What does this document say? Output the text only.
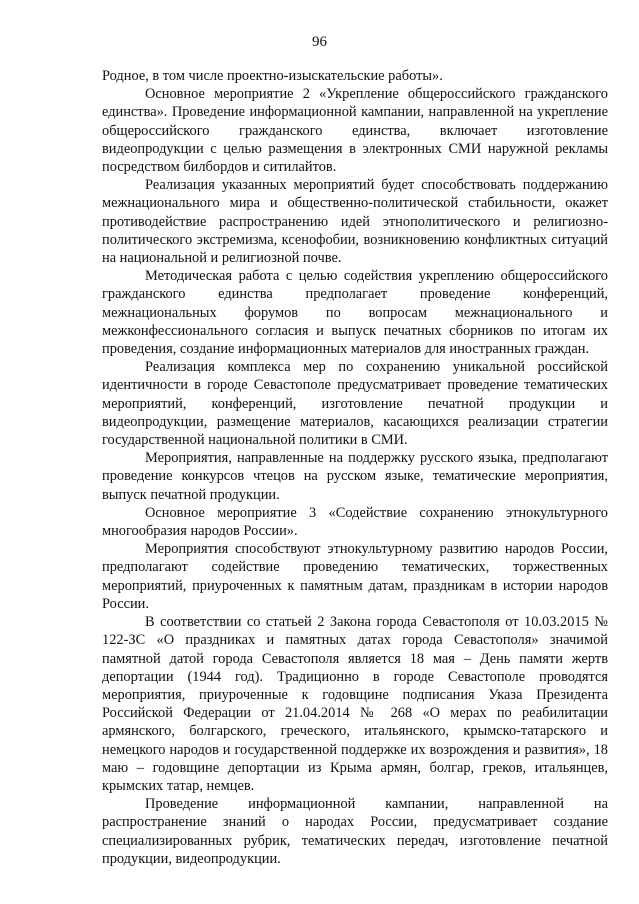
96

Родное, в том числе проектно-изыскательские работы».

Основное мероприятие 2 «Укрепление общероссийского гражданского единства». Проведение информационной кампании, направленной на укрепление общероссийского гражданского единства, включает изготовление видеопродукции с целью размещения в электронных СМИ наружной рекламы посредством билбордов и ситилайтов.

Реализация указанных мероприятий будет способствовать поддержанию межнационального мира и общественно-политической стабильности, окажет противодействие распространению идей этнополитического и религиозно-политического экстремизма, ксенофобии, возникновению конфликтных ситуаций на национальной и религиозной почве.

Методическая работа с целью содействия укреплению общероссийского гражданского единства предполагает проведение конференций, межнациональных форумов по вопросам межнационального и межконфессионального согласия и выпуск печатных сборников по итогам их проведения, создание информационных материалов для иностранных граждан.

Реализация комплекса мер по сохранению уникальной российской идентичности в городе Севастополе предусматривает проведение тематических мероприятий, конференций, изготовление печатной продукции и видеопродукции, размещение материалов, касающихся реализации стратегии государственной национальной политики в СМИ.

Мероприятия, направленные на поддержку русского языка, предполагают проведение конкурсов чтецов на русском языке, тематические мероприятия, выпуск печатной продукции.

Основное мероприятие 3 «Содействие сохранению этнокультурного многообразия народов России».

Мероприятия способствуют этнокультурному развитию народов России, предполагают содействие проведению тематических, торжественных мероприятий, приуроченных к памятным датам, праздникам в истории народов России.

В соответствии со статьей 2 Закона города Севастополя от 10.03.2015 № 122-ЗС «О праздниках и памятных датах города Севастополя» значимой памятной датой города Севастополя является 18 мая – День памяти жертв депортации (1944 год). Традиционно в городе Севастополе проводятся мероприятия, приуроченные к годовщине подписания Указа Президента Российской Федерации от 21.04.2014 № 268 «О мерах по реабилитации армянского, болгарского, греческого, итальянского, крымско-татарского и немецкого народов и государственной поддержке их возрождения и развития», 18 маю – годовщине депортации из Крыма армян, болгар, греков, итальянцев, крымских татар, немцев.

Проведение информационной кампании, направленной на распространение знаний о народах России, предусматривает создание специализированных рубрик, тематических передач, изготовление печатной продукции, видеопродукции.
